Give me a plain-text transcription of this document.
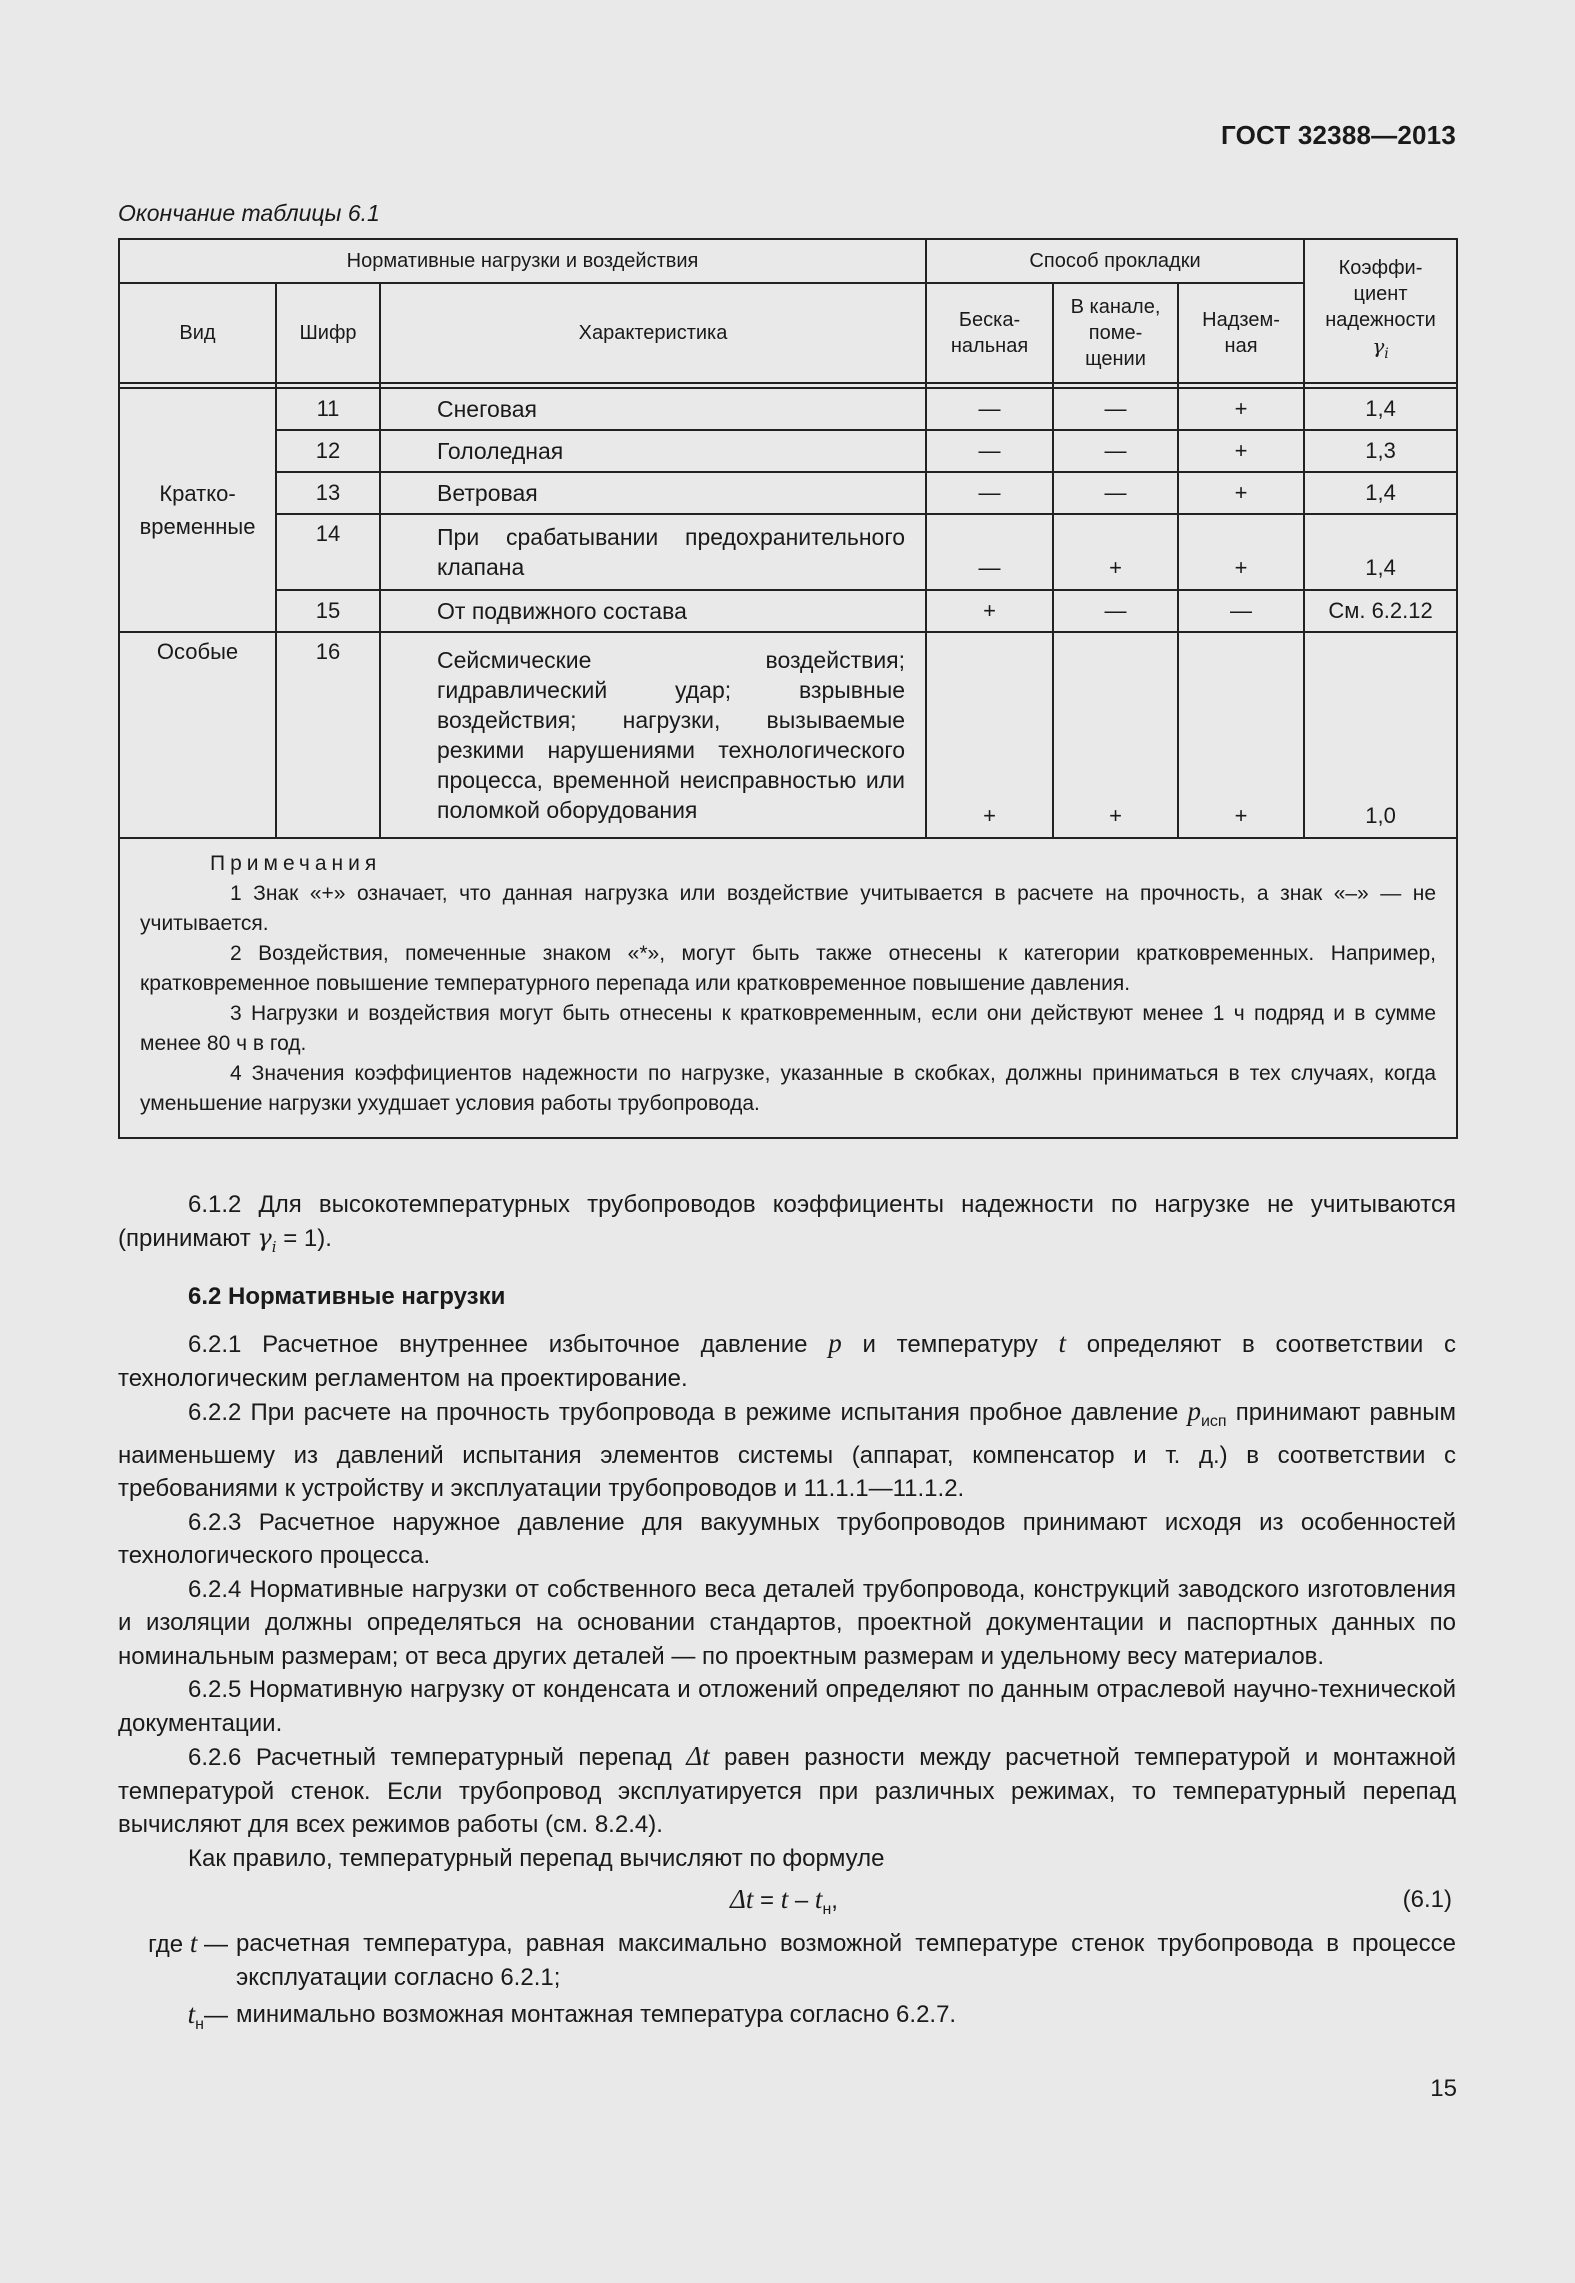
ГОСТ 32388—2013
Окончание таблицы 6.1
Нормативные нагрузки и воздействия			Способ прокладки			Коэффи-циент надежности
$\gamma_i$
Вид	Шифр	Характеристика	Беска-нальная	В канале, поме-щении	Надзем-ная	

Кратко-временные	11	Снеговая	—	—	+	1,4
	12	Гололедная	—	—	+	1,3
	13	Ветровая	—	—	+	1,4
	14	При срабатывании предохранительного клапана	—	+	+	1,4
	15	От подвижного состава	+	—	—	См. 6.2.12
Особые	16	Сейсмические воздействия; гидравлический удар; взрывные воздействия; нагрузки, вызываемые резкими нарушениями технологического процесса, временной неисправностью или поломкой оборудования	+	+	+	1,0

Примечания

1 Знак «+» означает, что данная нагрузка или воздействие учитывается в расчете на прочность, а знак «–» — не учитывается.

2 Воздействия, помеченные знаком «*», могут быть также отнесены к категории кратковременных. Например, кратковременное повышение температурного перепада или кратковременное повышение давления.

3 Нагрузки и воздействия могут быть отнесены к кратковременным, если они действуют менее 1 ч подряд и в сумме менее 80 ч в год.

4 Значения коэффициентов надежности по нагрузке, указанные в скобках, должны приниматься в тех случаях, когда уменьшение нагрузки ухудшает условия работы трубопровода.						

6.1.2 Для высокотемпературных трубопроводов коэффициенты надежности по нагрузке не учитываются (принимают $\gamma_i = 1$).

6.2 Нормативные нагрузки

6.2.1 Расчетное внутреннее избыточное давление p и температуру t определяют в соответствии с технологическим регламентом на проектирование.

6.2.2 При расчете на прочность трубопровода в режиме испытания пробное давление $p_{исп}$ принимают равным наименьшему из давлений испытания элементов системы (аппарат, компенсатор и т. д.) в соответствии с требованиями к устройству и эксплуатации трубопроводов и 11.1.1—11.1.2.

6.2.3 Расчетное наружное давление для вакуумных трубопроводов принимают исходя из особенностей технологического процесса.

6.2.4 Нормативные нагрузки от собственного веса деталей трубопровода, конструкций заводского изготовления и изоляции должны определяться на основании стандартов, проектной документации и паспортных данных по номинальным размерам; от веса других деталей — по проектным размерам и удельному весу материалов.

6.2.5 Нормативную нагрузку от конденсата и отложений определяют по данным отраслевой научно-технической документации.

6.2.6 Расчетный температурный перепад Δt равен разности между расчетной температурой и монтажной температурой стенок. Если трубопровод эксплуатируется при различных режимах, то температурный перепад вычисляют для всех режимов работы (см. 8.2.4).

Как правило, температурный перепад вычисляют по формуле

$\Delta t = t - t_н$,	(6.1)
где t — расчетная температура, равная максимально возможной температуре стенок трубопровода в процессе эксплуатации согласно 6.2.1;
$t_н—$ минимально возможная монтажная температура согласно 6.2.7.
15
